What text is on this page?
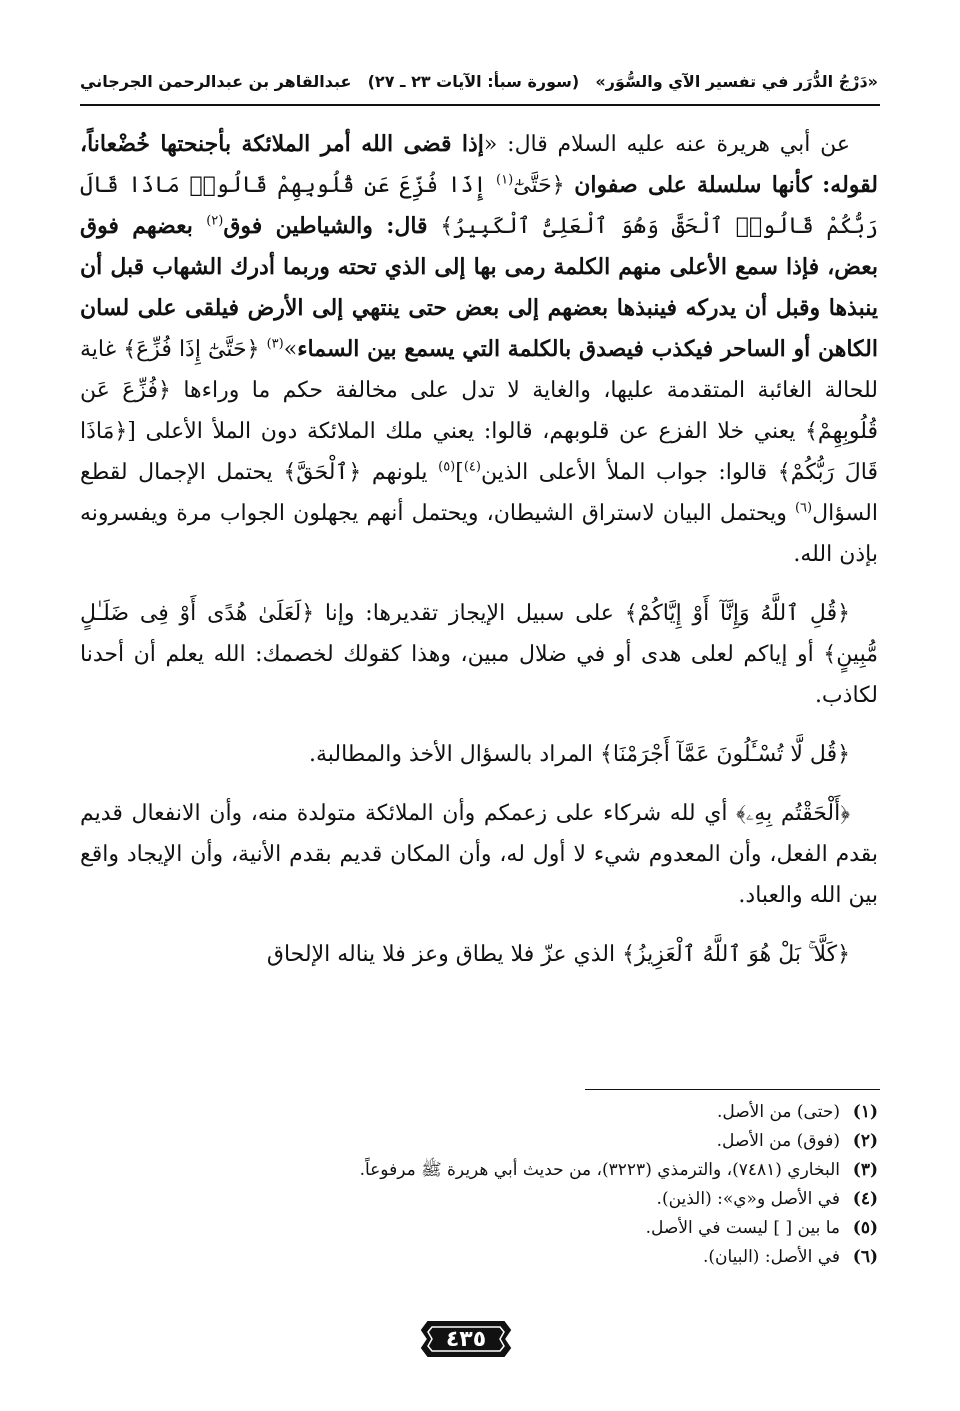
«دَرْجُ الدُّرَر في تفسير الآي والسُّوَر»
(سورة سبأ: الآيات ٢٣ ـ ٢٧)
عبدالقاهر بن عبدالرحمن الجرجاني

عن أبي هريرة عنه عليه السلام قال: «إذا قضى الله أمر الملائكة بأجنحتها خُضْعاناً، لقوله: كأنها سلسلة على صفوان ﴿حَتَّىٰٓ$^{(١)}$ إِذَا فُزِّعَ عَن قُلُوبِهِمْ قَالُوا۟ مَاذَا قَالَ رَبُّكُمْ قَالُوا۟ ٱلْحَقَّ وَهُوَ ٱلْعَلِىُّ ٱلْكَبِيرُ﴾ قال: والشياطين فوق$^{(٢)}$ بعضهم فوق بعض، فإذا سمع الأعلى منهم الكلمة رمى بها إلى الذي تحته وربما أدرك الشهاب قبل أن ينبذها وقبل أن يدركه فينبذها بعضهم إلى بعض حتى ينتهي إلى الأرض فيلقى على لسان الكاهن أو الساحر فيكذب فيصدق بالكلمة التي يسمع بين السماء»$^{(٣)}$ ﴿حَتَّىٰٓ إِذَا فُزِّعَ﴾ غاية للحالة الغائبة المتقدمة عليها، والغاية لا تدل على مخالفة حكم ما وراءها ﴿فُزِّعَ عَن قُلُوبِهِمْ﴾ يعني خلا الفزع عن قلوبهم، قالوا: يعني ملك الملائكة دون الملأ الأعلى [﴿مَاذَا قَالَ رَبُّكُمْ﴾ قالوا: جواب الملأ الأعلى الذين$^{(٤)}$]$^{(٥)}$ يلونهم ﴿ٱلْحَقَّ﴾ يحتمل الإجمال لقطع السؤال$^{(٦)}$ ويحتمل البيان لاستراق الشيطان، ويحتمل أنهم يجهلون الجواب مرة ويفسرونه بإذن الله.

﴿قُلِ ٱللَّهُ وَإِنَّآ أَوْ إِيَّاكُمْ﴾ على سبيل الإيجاز تقديرها: وإنا ﴿لَعَلَىٰ هُدًى أَوْ فِى ضَلَـٰلٍ مُّبِينٍ﴾ أو إياكم لعلى هدى أو في ضلال مبين، وهذا كقولك لخصمك: الله يعلم أن أحدنا لكاذب.

﴿قُل لَّا تُسْـَٔلُونَ عَمَّآ أَجْرَمْنَا﴾ المراد بالسؤال الأخذ والمطالبة.

﴿أَلْحَقْتُم بِهِۦ﴾ أي لله شركاء على زعمكم وأن الملائكة متولدة منه، وأن الانفعال قديم بقدم الفعل، وأن المعدوم شيء لا أول له، وأن المكان قديم بقدم الأنية، وأن الإيجاد واقع بين الله والعباد.

﴿كَلَّا ۚ بَلْ هُوَ ٱللَّهُ ٱلْعَزِيزُ﴾ الذي عزّ فلا يطاق وعز فلا يناله الإلحاق

(١)
(حتى) من الأصل.
(٢)
(فوق) من الأصل.
(٣)
البخاري (٧٤٨١)، والترمذي (٣٢٢٣)، من حديث أبي هريرة ﷺ مرفوعاً.
(٤)
في الأصل و«ي»: (الذين).
(٥)
ما بين [ ] ليست في الأصل.
(٦)
في الأصل: (البيان).
٤٣٥
